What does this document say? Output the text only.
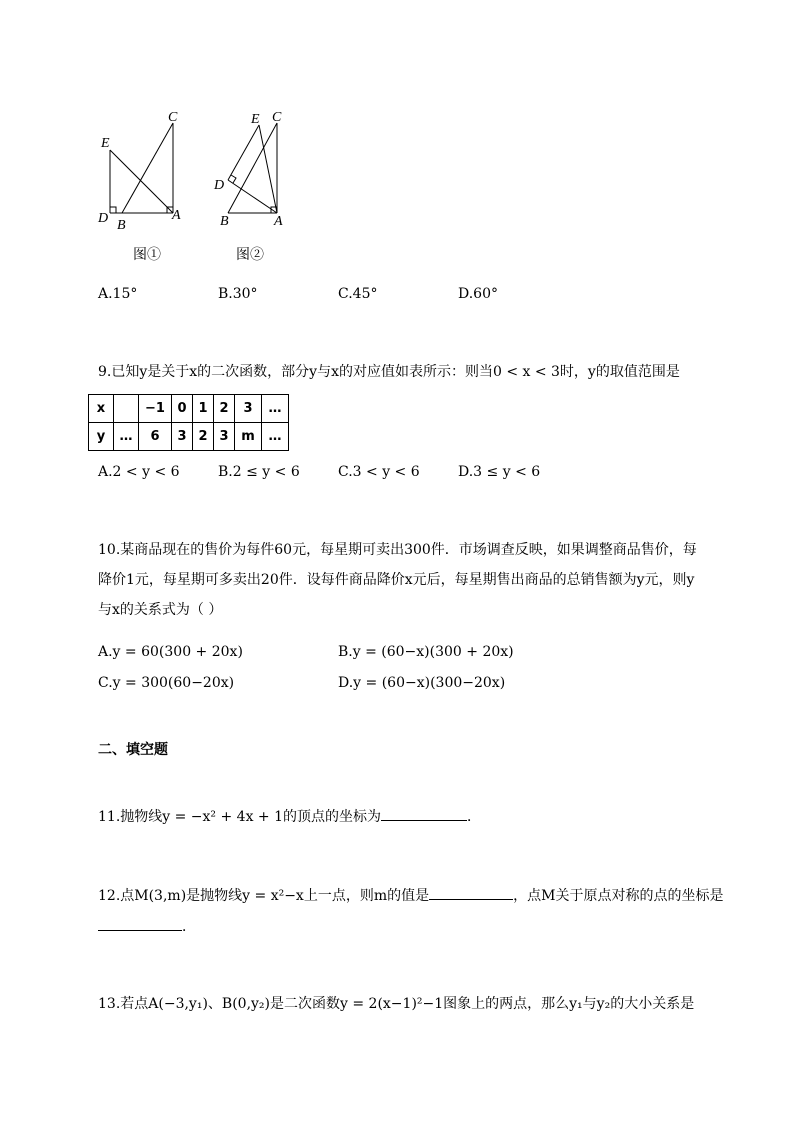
C
E
D B
A
图①
E C
D
B	A
图②
A.15°	B.30°	C.45°	D.60°
9.已知y是关于x的二次函数，部分y与x的对应值如表所示：则当0 < x < 3时，y的取值范围是
x		−1	0	1	2	3	…
y	…	6	3	2	3	m	…
A.2 < y < 6	B.2 ≤ y < 6	C.3 < y < 6	D.3 ≤ y < 6
10.某商品现在的售价为每件60元，每星期可卖出300件．市场调查反映，如果调整商品售价，每
降价1元，每星期可多卖出20件．设每件商品降价x元后，每星期售出商品的总销售额为y元，则y
与x的关系式为（ ）
A.y = 60(300 + 20x)	B.y = (60−x)(300 + 20x)
C.y = 300(60−20x)	D.y = (60−x)(300−20x)
二、填空题
11.抛物线y = −x² + 4x + 1的顶点的坐标为	．
12.点M(3,m)是抛物线y = x²−x上一点，则m的值是	，点M关于原点对称的点的坐标是
．
13.若点A(−3,y₁)、B(0,y₂)是二次函数y = 2(x−1)²−1图象上的两点，那么y₁与y₂的大小关系是
